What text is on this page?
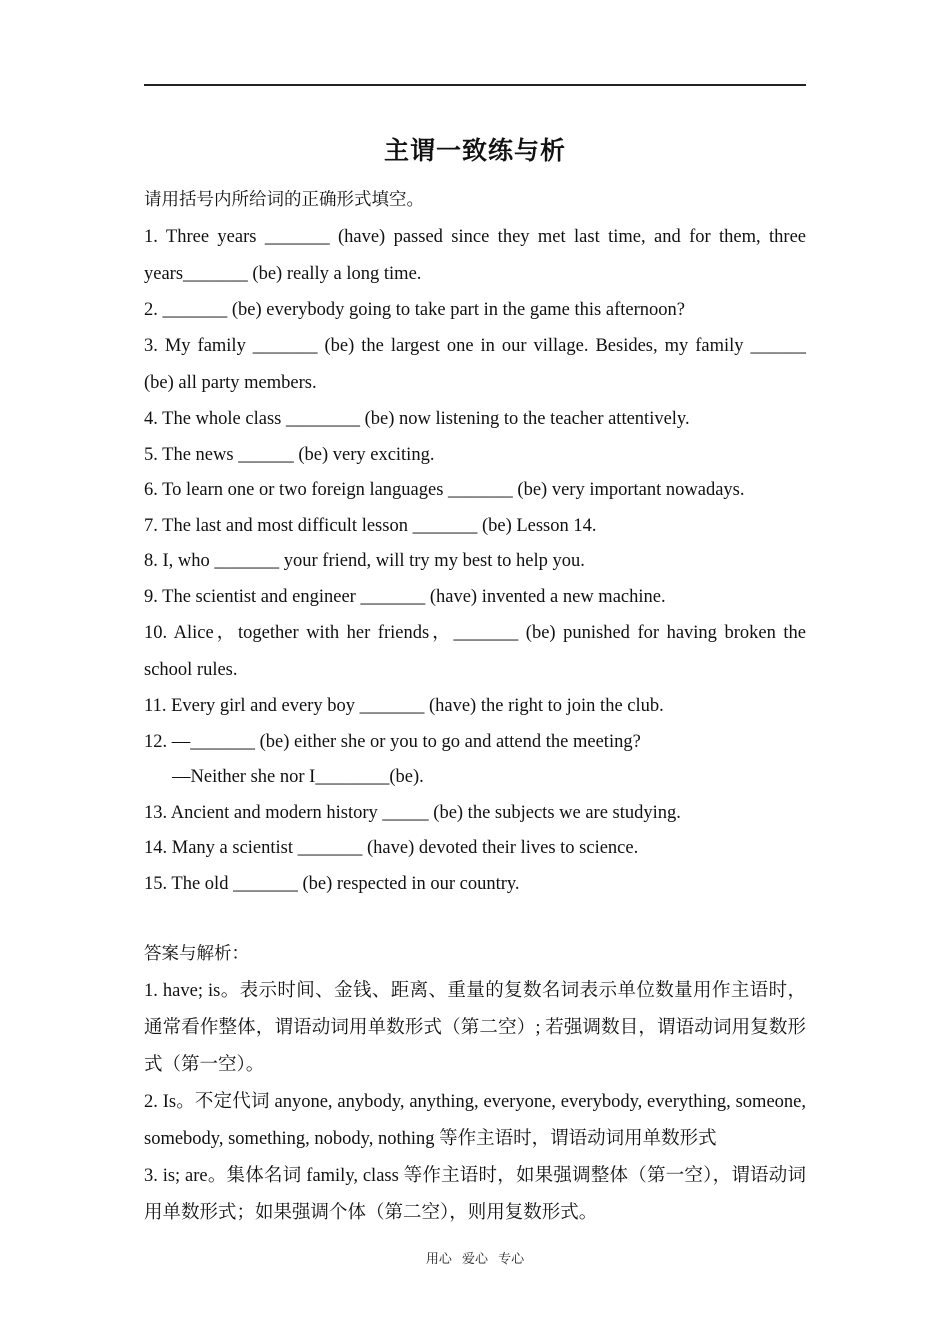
主谓一致练与析
请用括号内所给词的正确形式填空。
1. Three years _______ (have) passed since they met last time, and for them, three years_______ (be) really a long time.
2. _______ (be) everybody going to take part in the game this afternoon?
3. My family _______ (be) the largest one in our village. Besides, my family ______ (be) all party members.
4. The whole class ________ (be) now listening to the teacher attentively.
5. The news ______ (be) very exciting.
6. To learn one or two foreign languages _______ (be) very important nowadays.
7. The last and most difficult lesson _______ (be) Lesson 14.
8. I, who _______ your friend, will try my best to help you.
9. The scientist and engineer _______ (have) invented a new machine.
10. Alice，together with her friends，_______ (be) punished for having broken the school rules.
11. Every girl and every boy _______ (have) the right to join the club.
12. —_______ (be) either she or you to go and attend the meeting?
—Neither she nor I________(be).
13. Ancient and modern history _____ (be) the subjects we are studying.
14. Many a scientist _______ (have) devoted their lives to science.
15. The old _______ (be) respected in our country.
答案与解析：
1. have; is。表示时间、金钱、距离、重量的复数名词表示单位数量用作主语时，通常看作整体，谓语动词用单数形式（第二空）; 若强调数目，谓语动词用复数形式（第一空）。
2. Is。不定代词 anyone, anybody, anything, everyone, everybody, everything, someone, somebody, something, nobody, nothing 等作主语时，谓语动词用单数形式
3. is; are。集体名词 family, class 等作主语时，如果强调整体（第一空），谓语动词用单数形式；如果强调个体（第二空），则用复数形式。
用心 爱心 专心
